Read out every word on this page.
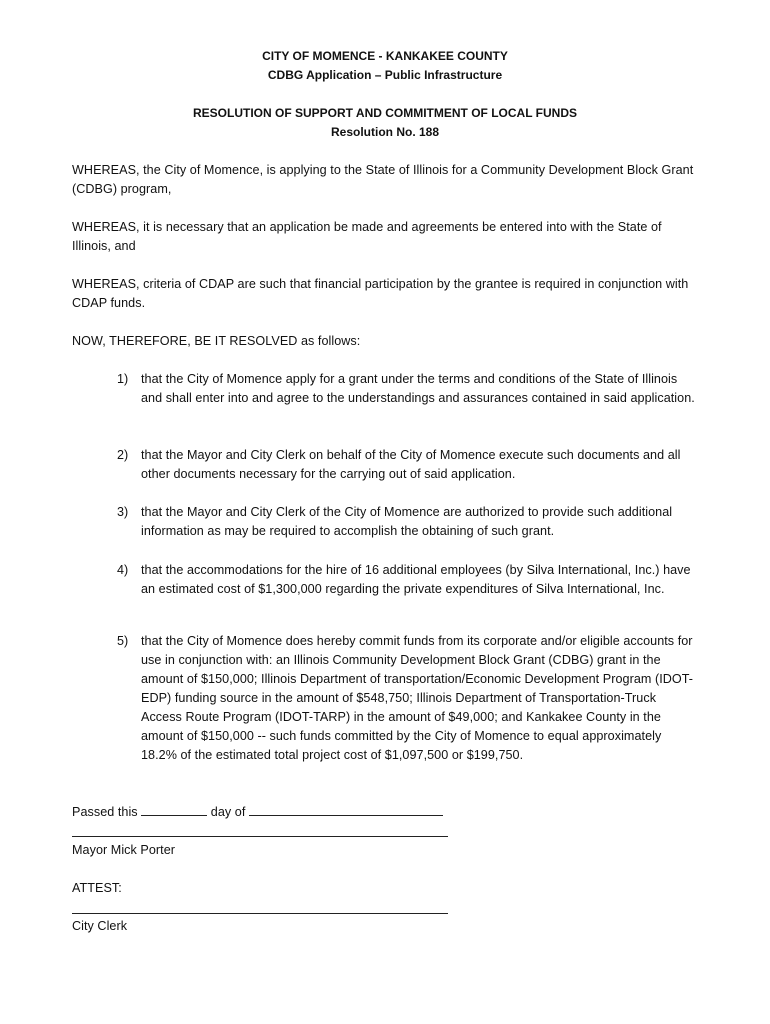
CITY OF MOMENCE - KANKAKEE COUNTY
CDBG Application – Public Infrastructure
RESOLUTION OF SUPPORT AND COMMITMENT OF LOCAL FUNDS
Resolution No. 188
WHEREAS, the City of Momence, is applying to the State of Illinois for a Community Development Block Grant (CDBG) program,
WHEREAS, it is necessary that an application be made and agreements be entered into with the State of Illinois, and
WHEREAS, criteria of CDAP are such that financial participation by the grantee is required in conjunction with CDAP funds.
NOW, THEREFORE, BE IT RESOLVED as follows:
1) that the City of Momence apply for a grant under the terms and conditions of the State of Illinois and shall enter into and agree to the understandings and assurances contained in said application.
2) that the Mayor and City Clerk on behalf of the City of Momence execute such documents and all other documents necessary for the carrying out of said application.
3) that the Mayor and City Clerk of the City of Momence are authorized to provide such additional information as may be required to accomplish the obtaining of such grant.
4) that the accommodations for the hire of 16 additional employees (by Silva International, Inc.) have an estimated cost of $1,300,000 regarding the private expenditures of Silva International, Inc.
5) that the City of Momence does hereby commit funds from its corporate and/or eligible accounts for use in conjunction with: an Illinois Community Development Block Grant (CDBG) grant in the amount of $150,000; Illinois Department of transportation/Economic Development Program (IDOT-EDP) funding source in the amount of $548,750; Illinois Department of Transportation-Truck Access Route Program (IDOT-TARP) in the amount of $49,000; and Kankakee County in the amount of $150,000 -- such funds committed by the City of Momence to equal approximately 18.2% of the estimated total project cost of $1,097,500 or $199,750.
Passed this	day of
Mayor Mick Porter
ATTEST:
City Clerk
